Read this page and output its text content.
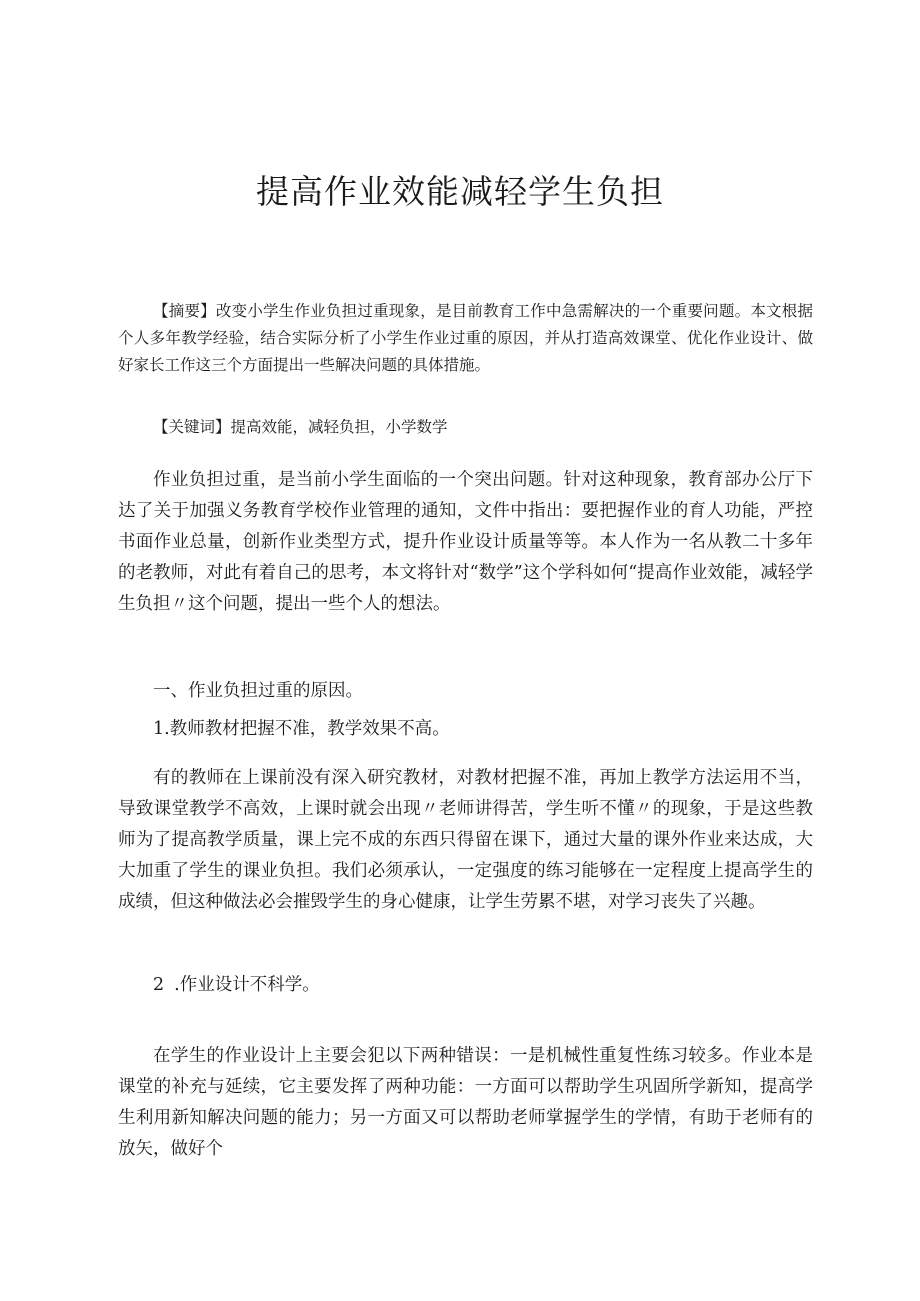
提高作业效能减轻学生负担

【摘要】改变小学生作业负担过重现象，是目前教育工作中急需解决的一个重要问题。本文根据个人多年教学经验，结合实际分析了小学生作业过重的原因，并从打造高效课堂、优化作业设计、做好家长工作这三个方面提出一些解决问题的具体措施。

【关键词】提高效能，减轻负担，小学数学

作业负担过重，是当前小学生面临的一个突出问题。针对这种现象，教育部办公厅下达了关于加强义务教育学校作业管理的通知，文件中指出：要把握作业的育人功能，严控书面作业总量，创新作业类型方式，提升作业设计质量等等。本人作为一名从教二十多年的老教师，对此有着自己的思考，本文将针对“数学”这个学科如何“提高作业效能，减轻学生负担〃这个问题，提出一些个人的想法。

一、作业负担过重的原因。

1.教师教材把握不准，教学效果不高。

有的教师在上课前没有深入研究教材，对教材把握不准，再加上教学方法运用不当，导致课堂教学不高效，上课时就会出现〃老师讲得苦，学生听不懂〃的现象，于是这些教师为了提高教学质量，课上完不成的东西只得留在课下，通过大量的课外作业来达成，大大加重了学生的课业负担。我们必须承认，一定强度的练习能够在一定程度上提高学生的成绩，但这种做法必会摧毁学生的身心健康，让学生劳累不堪，对学习丧失了兴趣。

2 .作业设计不科学。

在学生的作业设计上主要会犯以下两种错误：一是机械性重复性练习较多。作业本是课堂的补充与延续，它主要发挥了两种功能：一方面可以帮助学生巩固所学新知，提高学生利用新知解决问题的能力；另一方面又可以帮助老师掌握学生的学情，有助于老师有的放矢，做好个
